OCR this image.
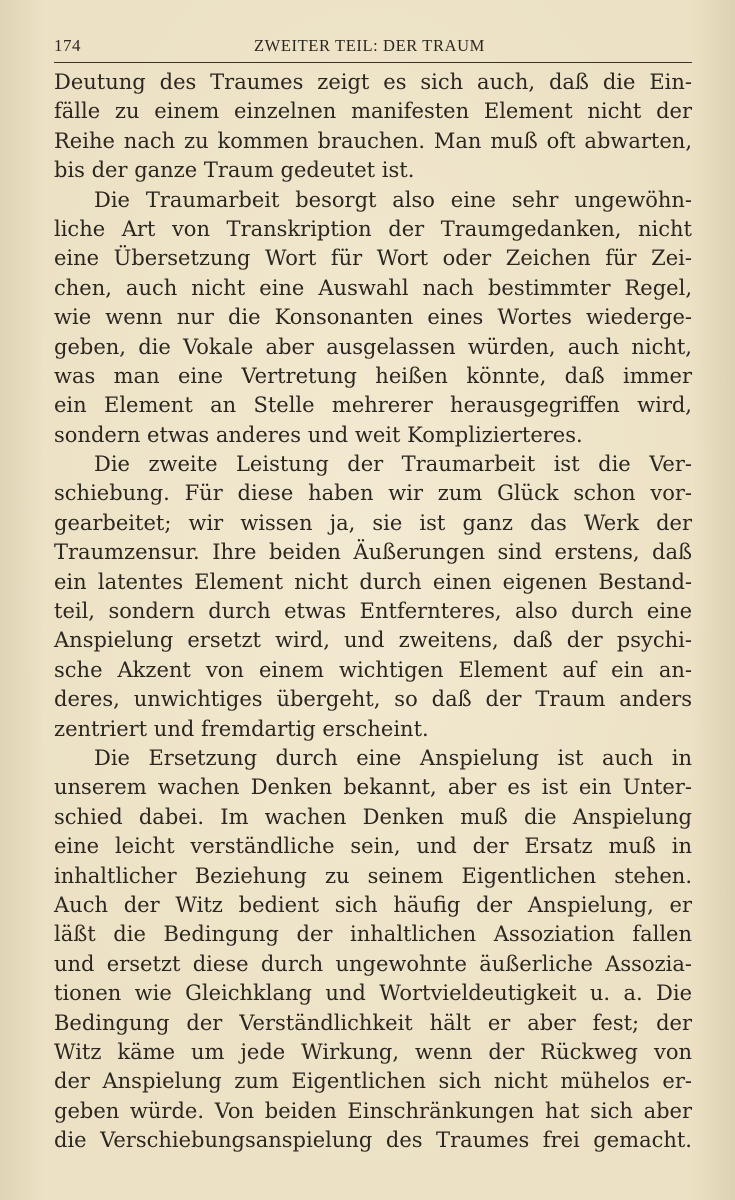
174	ZWEITER TEIL: DER TRAUM
Deutung des Traumes zeigt es sich auch, daß die Ein-
fälle zu einem einzelnen manifesten Element nicht der
Reihe nach zu kommen brauchen. Man muß oft abwarten,
bis der ganze Traum gedeutet ist.
Die Traumarbeit besorgt also eine sehr ungewöhn-
liche Art von Transkription der Traumgedanken, nicht
eine Übersetzung Wort für Wort oder Zeichen für Zei-
chen, auch nicht eine Auswahl nach bestimmter Regel,
wie wenn nur die Konsonanten eines Wortes wiederge-
geben, die Vokale aber ausgelassen würden, auch nicht,
was man eine Vertretung heißen könnte, daß immer
ein Element an Stelle mehrerer herausgegriffen wird,
sondern etwas anderes und weit Komplizierteres.
Die zweite Leistung der Traumarbeit ist die Ver-
schiebung. Für diese haben wir zum Glück schon vor-
gearbeitet; wir wissen ja, sie ist ganz das Werk der
Traumzensur. Ihre beiden Äußerungen sind erstens, daß
ein latentes Element nicht durch einen eigenen Bestand-
teil, sondern durch etwas Entfernteres, also durch eine
Anspielung ersetzt wird, und zweitens, daß der psychi-
sche Akzent von einem wichtigen Element auf ein an-
deres, unwichtiges übergeht, so daß der Traum anders
zentriert und fremdartig erscheint.
Die Ersetzung durch eine Anspielung ist auch in
unserem wachen Denken bekannt, aber es ist ein Unter-
schied dabei. Im wachen Denken muß die Anspielung
eine leicht verständliche sein, und der Ersatz muß in
inhaltlicher Beziehung zu seinem Eigentlichen stehen.
Auch der Witz bedient sich häufig der Anspielung, er
läßt die Bedingung der inhaltlichen Assoziation fallen
und ersetzt diese durch ungewohnte äußerliche Assozia-
tionen wie Gleichklang und Wortvieldeutigkeit u. a. Die
Bedingung der Verständlichkeit hält er aber fest; der
Witz käme um jede Wirkung, wenn der Rückweg von
der Anspielung zum Eigentlichen sich nicht mühelos er-
geben würde. Von beiden Einschränkungen hat sich aber
die Verschiebungsanspielung des Traumes frei gemacht.
